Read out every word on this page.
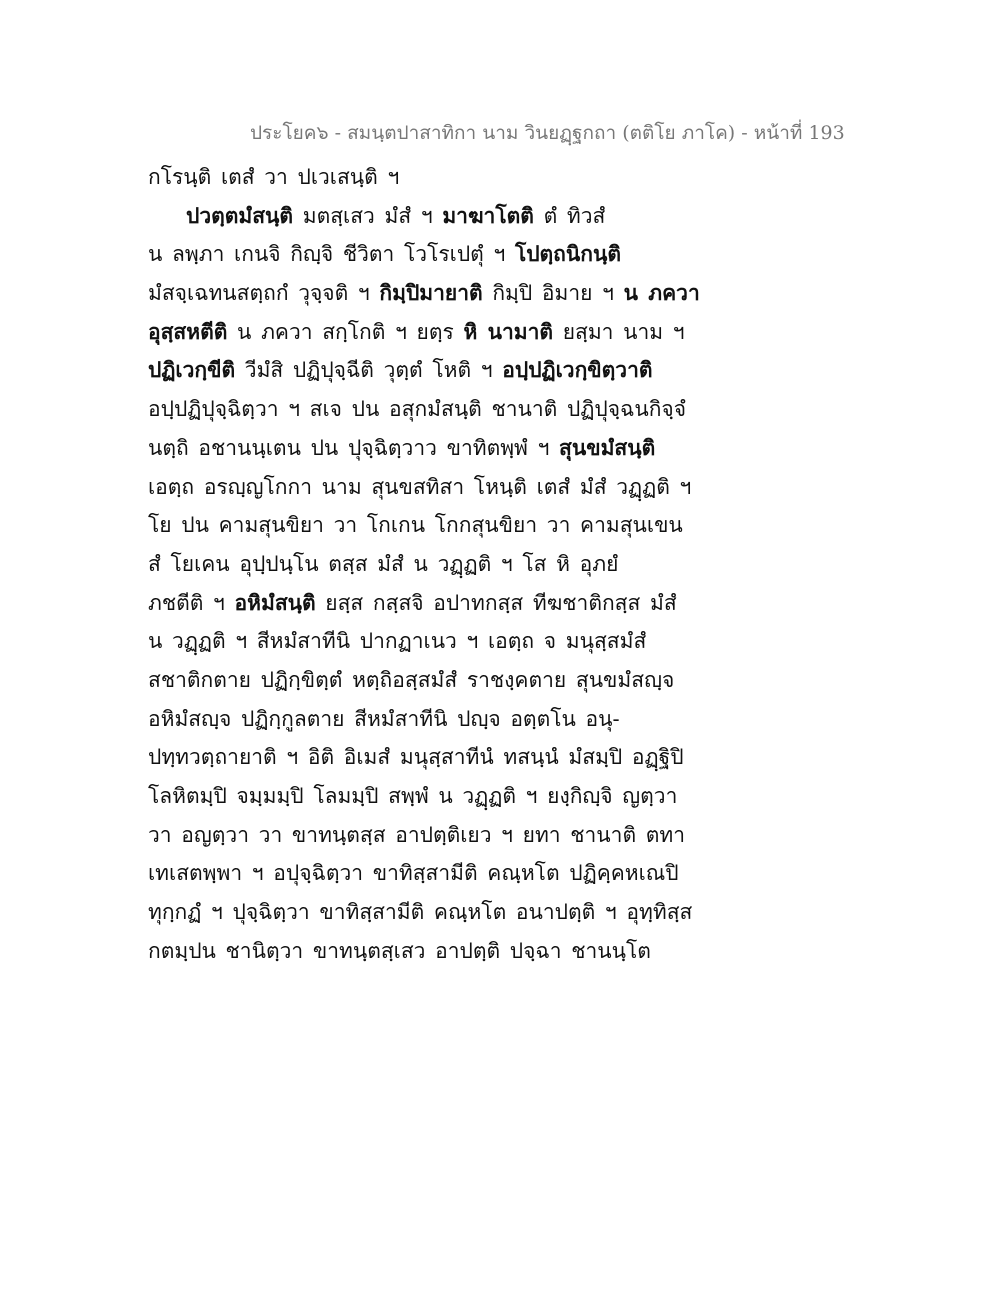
ประโยค๖ - สมนฺตปาสาทิกา นาม วินยฏฺฐกถา (ตติโย ภาโค) - หน้าที่ 193
กโรนฺติ เตสํ วา ปเวเสนฺติ ฯ
ปวตฺตมํสนฺติ มตสฺเสว มํสํ ฯ มาฆาโตติ ตํ ทิวสํ
น ลพฺภา เกนจิ กิญฺจิ ชีวิตา โวโรเปตุํ ฯ โปตฺถนิกนฺติ
มํสจฺเฉทนสตฺถกํ วุจฺจติ ฯ กิมฺปิมายาติ กิมฺปิ อิมาย ฯ น ภควา
อุสฺสหตีติ น ภควา สกฺโกติ ฯ ยตฺร หิ นามาติ ยสฺมา นาม ฯ
ปฏิเวกฺขีติ วีมํสิ ปฏิปุจฺฉีติ วุตฺตํ โหติ ฯ อปฺปฏิเวกฺขิตฺวาติ
อปฺปฏิปุจฺฉิตฺวา ฯ สเจ ปน อสุกมํสนฺติ ชานาติ ปฏิปุจฺฉนกิจฺจํ
นตฺถิ อชานนฺเตน ปน ปุจฺฉิตฺวาว ขาทิตพฺพํ ฯ สุนขมํสนฺติ
เอตฺถ อรญฺญโกกา นาม สุนขสทิสา โหนฺติ เตสํ มํสํ วฏฺฏติ ฯ
โย ปน คามสุนขิยา วา โกเกน โกกสุนขิยา วา คามสุนเขน
สํ โยเคน อุปฺปนฺโน ตสฺส มํสํ น วฏฺฏติ ฯ โส หิ อุภยํ
ภชตีติ ฯ อหิมํสนฺติ ยสฺส กสฺสจิ อปาทกสฺส ทีฆชาติกสฺส มํสํ
น วฏฺฏติ ฯ สีหมํสาทีนิ ปากฏาเนว ฯ เอตฺถ จ มนุสฺสมํสํ
สชาติกตาย ปฏิกฺขิตฺตํ หตฺถิอสฺสมํสํ ราชงฺคตาย สุนขมํสญฺจ
อหิมํสญฺจ ปฏิกฺกูลตาย สีหมํสาทีนิ ปญฺจ อตฺตโน อนุ-
ปทฺทวตฺถายาติ ฯ อิติ อิเมสํ มนุสฺสาทีนํ ทสนฺนํ มํสมฺปิ อฏฺฐิปิ
โลหิตมฺปิ จมฺมมฺปิ โลมมฺปิ สพฺพํ น วฏฺฏติ ฯ ยงฺกิญฺจิ ญตฺวา
วา อญตฺวา วา ขาทนฺตสฺส อาปตฺติเยว ฯ ยทา ชานาติ ตทา
เทเสตพฺพา ฯ อปุจฺฉิตฺวา ขาทิสฺสามีติ คณฺหโต ปฏิคฺคหเณปิ
ทุกฺกฏํ ฯ ปุจฺฉิตฺวา ขาทิสฺสามีติ คณฺหโต อนาปตฺติ ฯ อุทฺทิสฺส
กตมฺปน ชานิตฺวา ขาทนฺตสฺเสว อาปตฺติ ปจฺฉา ชานนฺโต
